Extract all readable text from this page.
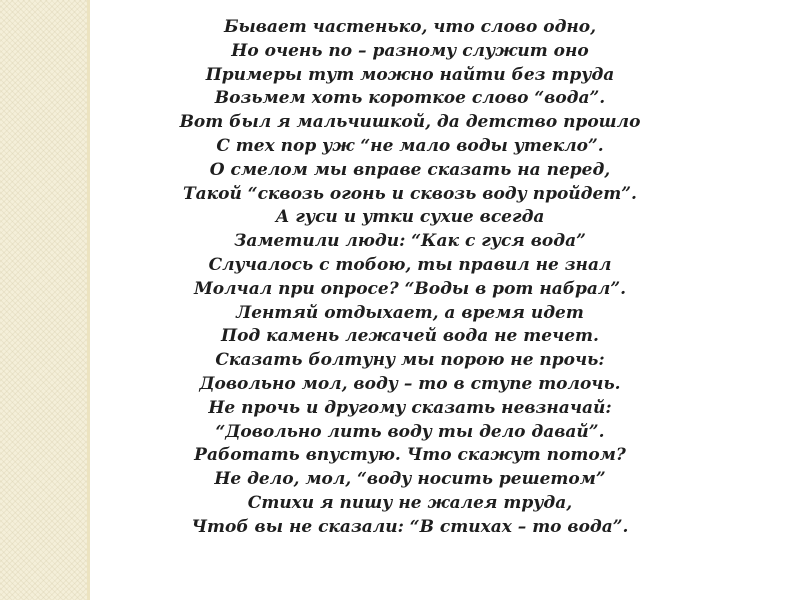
Бывает частенько, что слово одно,
Но очень по – разному служит оно
Примеры тут можно найти без труда
Возьмем хоть короткое слово “вода”.
Вот был я мальчишкой, да детство прошло
С тех пор уж “не мало воды утекло”.
О смелом мы вправе сказать на перед,
Такой “сквозь огонь и сквозь воду пройдет”.
А гуси и утки сухие всегда
Заметили люди: “Как с гуся вода”
Случалось с тобою, ты правил не знал
Молчал при опросе? “Воды в рот набрал”.
Лентяй отдыхает, а время идет
Под камень лежачей вода не течет.
Сказать болтуну мы порою не прочь:
Довольно мол, воду – то в ступе толочь.
Не прочь и другому сказать невзначай:
“Довольно лить воду ты дело давай”.
Работать впустую. Что скажут потом?
Не дело, мол, “воду носить решетом”
Стихи я пишу не жалея труда,
Чтоб вы не сказали: “В стихах – то вода”.
